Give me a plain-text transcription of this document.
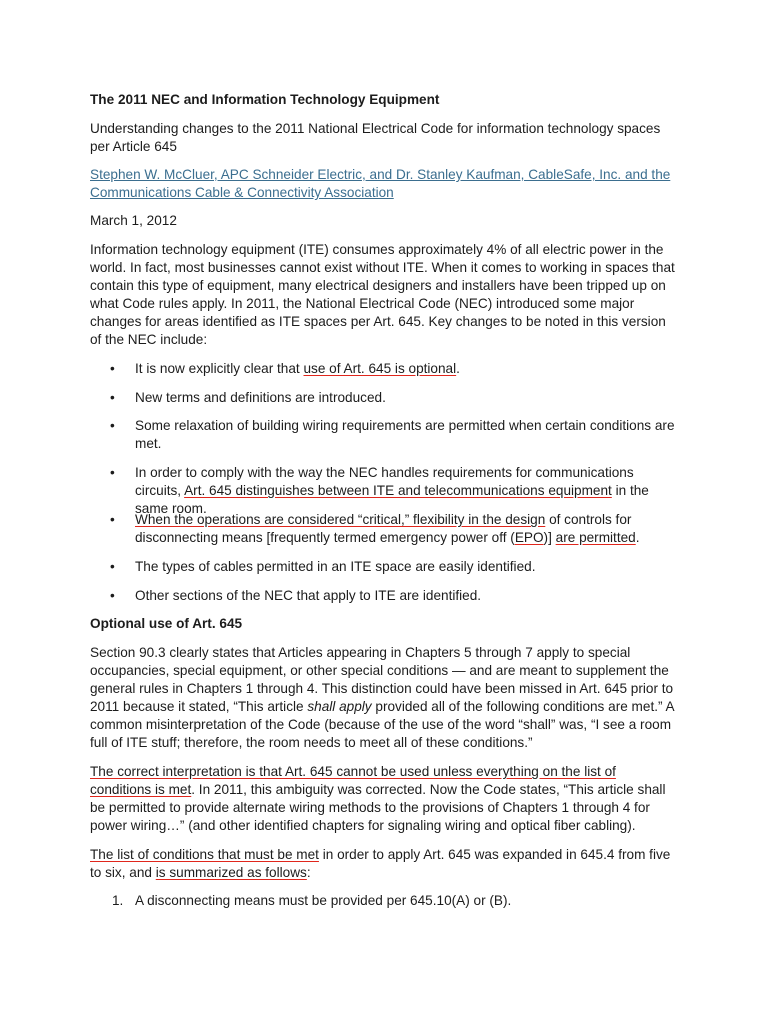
The 2011 NEC and Information Technology Equipment

Understanding changes to the 2011 National Electrical Code for information technology spaces per Article 645

Stephen W. McCluer, APC Schneider Electric, and Dr. Stanley Kaufman, CableSafe, Inc. and the Communications Cable & Connectivity Association

March 1, 2012

Information technology equipment (ITE) consumes approximately 4% of all electric power in the world. In fact, most businesses cannot exist without ITE. When it comes to working in spaces that contain this type of equipment, many electrical designers and installers have been tripped up on what Code rules apply. In 2011, the National Electrical Code (NEC) introduced some major changes for areas identified as ITE spaces per Art. 645. Key changes to be noted in this version of the NEC include:

•	It is now explicitly clear that use of Art. 645 is optional.
•	New terms and definitions are introduced.
•	Some relaxation of building wiring requirements are permitted when certain conditions are met.
•	In order to comply with the way the NEC handles requirements for communications circuits, Art. 645 distinguishes between ITE and telecommunications equipment in the same room.
•	When the operations are considered “critical,” flexibility in the design of controls for disconnecting means [frequently termed emergency power off (EPO)] are permitted.
•	The types of cables permitted in an ITE space are easily identified.
•	Other sections of the NEC that apply to ITE are identified.

Optional use of Art. 645

Section 90.3 clearly states that Articles appearing in Chapters 5 through 7 apply to special occupancies, special equipment, or other special conditions — and are meant to supplement the general rules in Chapters 1 through 4. This distinction could have been missed in Art. 645 prior to 2011 because it stated, “This article shall apply provided all of the following conditions are met.” A common misinterpretation of the Code (because of the use of the word “shall” was, “I see a room full of ITE stuff; therefore, the room needs to meet all of these conditions.”

The correct interpretation is that Art. 645 cannot be used unless everything on the list of conditions is met. In 2011, this ambiguity was corrected. Now the Code states, “This article shall be permitted to provide alternate wiring methods to the provisions of Chapters 1 through 4 for power wiring…” (and other identified chapters for signaling wiring and optical fiber cabling).

The list of conditions that must be met in order to apply Art. 645 was expanded in 645.4 from five to six, and is summarized as follows:

1. A disconnecting means must be provided per 645.10(A) or (B).
